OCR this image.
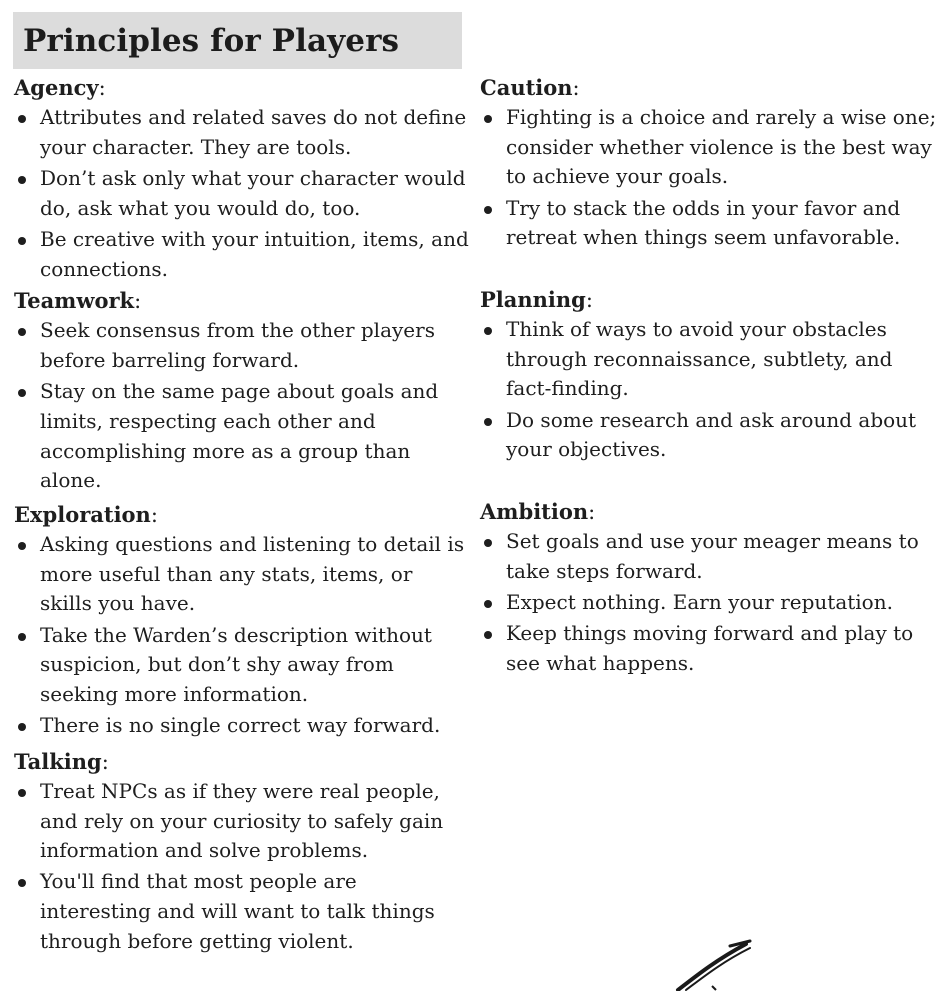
Principles for Players
Agency:
Attributes and related saves do not define your character. They are tools.
Don’t ask only what your character would do, ask what you would do, too.
Be creative with your intuition, items, and connections.
Teamwork:
Seek consensus from the other players before barreling forward.
Stay on the same page about goals and limits, respecting each other and accomplishing more as a group than alone.
Exploration:
Asking questions and listening to detail is more useful than any stats, items, or skills you have.
Take the Warden’s description without suspicion, but don’t shy away from seeking more information.
There is no single correct way forward.
Talking:
Treat NPCs as if they were real people, and rely on your curiosity to safely gain information and solve problems.
You'll find that most people are interesting and will want to talk things through before getting violent.
Caution:
Fighting is a choice and rarely a wise one; consider whether violence is the best way to achieve your goals.
Try to stack the odds in your favor and retreat when things seem unfavorable.
Planning:
Think of ways to avoid your obstacles through reconnaissance, subtlety, and fact-finding.
Do some research and ask around about your objectives.
Ambition:
Set goals and use your meager means to take steps forward.
Expect nothing. Earn your reputation.
Keep things moving forward and play to see what happens.
